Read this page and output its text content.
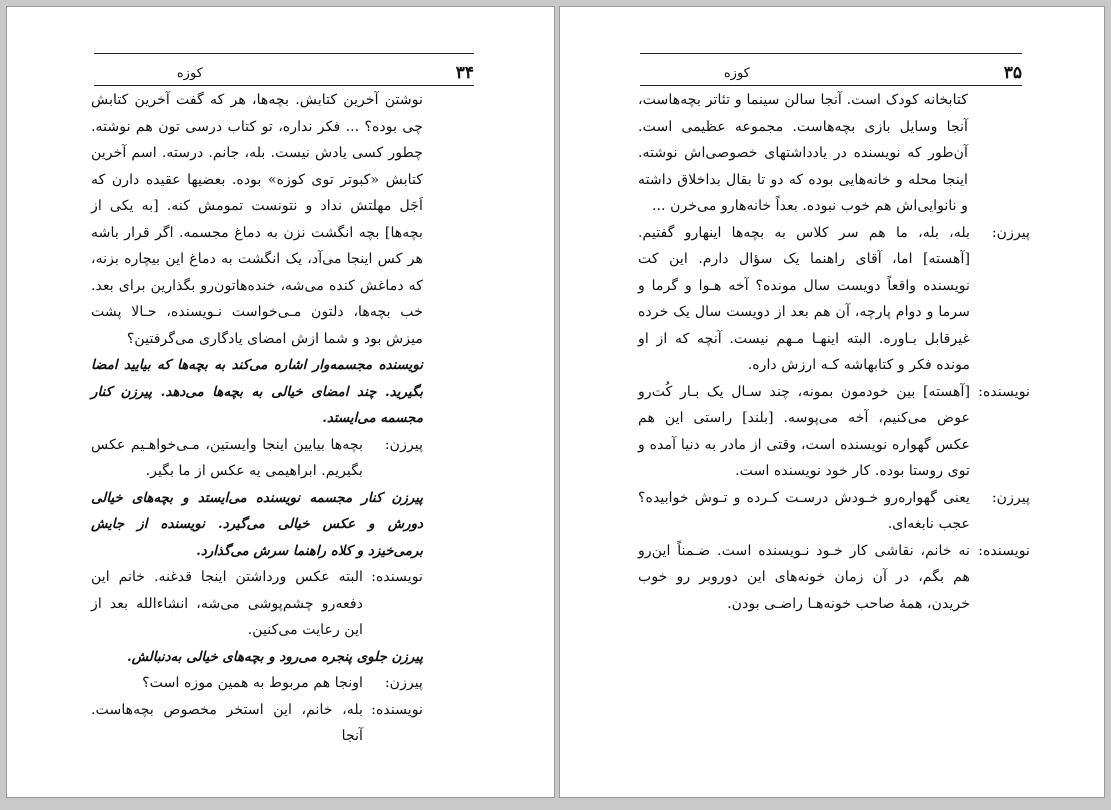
۳۴
کوزه

نوشتن آخرین کتابش. بچه‌ها، هر که گفت آخرین کتابش چی بوده؟ ... فکر نداره، تو کتاب درسی تون هم نوشته. چطور کسی یادش نیست. بله، جانم. درسته. اسم آخرین کتابش «کبوتر توی کوزه» بوده. بعضیها عقیده دارن که اَجَل مهلتش نداد و نتونست تمومش کنه. [به یکی از بچه‌ها] بچه انگشت نزن به دماغ مجسمه. اگر قرار باشه هر کس اینجا می‌آد، یک انگشت به دماغ این بیچاره بزنه، که دماغش کنده می‌شه، خنده‌هاتون‌رو بگذارین برای بعد. خب بچه‌ها، دلتون مـی‌خواست نـویسنده، حـالا پشت میزش بود و شما ازش امضای یادگاری می‌گرفتین؟

نویسنده مجسمه‌وار اشاره می‌کند به بچه‌ها که بیایید امضا بگیرید. چند امضای خیالی به بچه‌ها می‌دهد. پیرزن کنار مجسمه می‌ایستد.

پیرزن:

بچه‌ها بیایین اینجا وایستین، مـی‌خواهـیم عکس بگیریم. ابراهیمی یه عکس از ما بگیر.

پیرزن کنار مجسمه نویسنده می‌ایستد و بچه‌های خیالی دورش و عکس خیالی می‌گیرد. نویسنده از جایش برمی‌خیزد و کلاه راهنما سرش می‌گذارد.

نویسنده:

البته عکس ورداشتن اینجا قدغنه. خانم این دفعه‌رو چشم‌پوشی می‌شه، انشاءالله بعد از این رعایت می‌کنین.

پیرزن جلوی پنجره می‌رود و بچه‌های خیالی به‌دنبالش.

پیرزن:

اونجا هم مربوط به همین موزه است؟

نویسنده:

بله، خانم، این استخر مخصوص بچه‌هاست. آنجا

۳۵
کوزه

کتابخانه کودک است. آنجا سالن سینما و تئاتر بچه‌هاست، آنجا وسایل بازی بچه‌هاست. مجموعه عظیمی است. آن‌طور که نویسنده در یادداشتهای خصوصی‌اش نوشته. اینجا محله و خانه‌هایی بوده که دو تا بقال بداخلاق داشته و نانوایی‌اش هم خوب نبوده. بعداً خانه‌هارو می‌خرن ...

پیرزن:

بله، بله، ما هم سر کلاس به بچه‌ها اینهارو گفتیم. [آهسته] اما، آقای راهنما یک سؤال دارم. این کت نویسنده واقعاً دویست سال مونده؟ آخه هـوا و گرما و سرما و دوام پارچه، آن هم بعد از دویست سال یک خرده غیرقابل بـاوره. البته اینهـا مـهم نیست. آنچه که از او مونده فکر و کتابهاشه کـه ارزش داره.

نویسنده:

[آهسته] بین خودمون بمونه، چند سـال یک بـار کُت‌رو عوض می‌کنیم، آخه می‌پوسه. [بلند] راستی این هم عکس گهواره نویسنده است، وقتی از مادر به دنیا آمده و توی روستا بوده. کار خود نویسنده است.

پیرزن:

یعنی گهواره‌رو خـودش درسـت کـرده و تـوش خوابیده؟ عجب نابغه‌ای.

نویسنده:

نه خانم، نقاشی کار خـود نـویسنده است. ضـمناً این‌رو هم بگم، در آن زمان خونه‌های این دوروبر رو خوب خریدن، همهٔ صاحب خونه‌هـا راضـی بودن.
